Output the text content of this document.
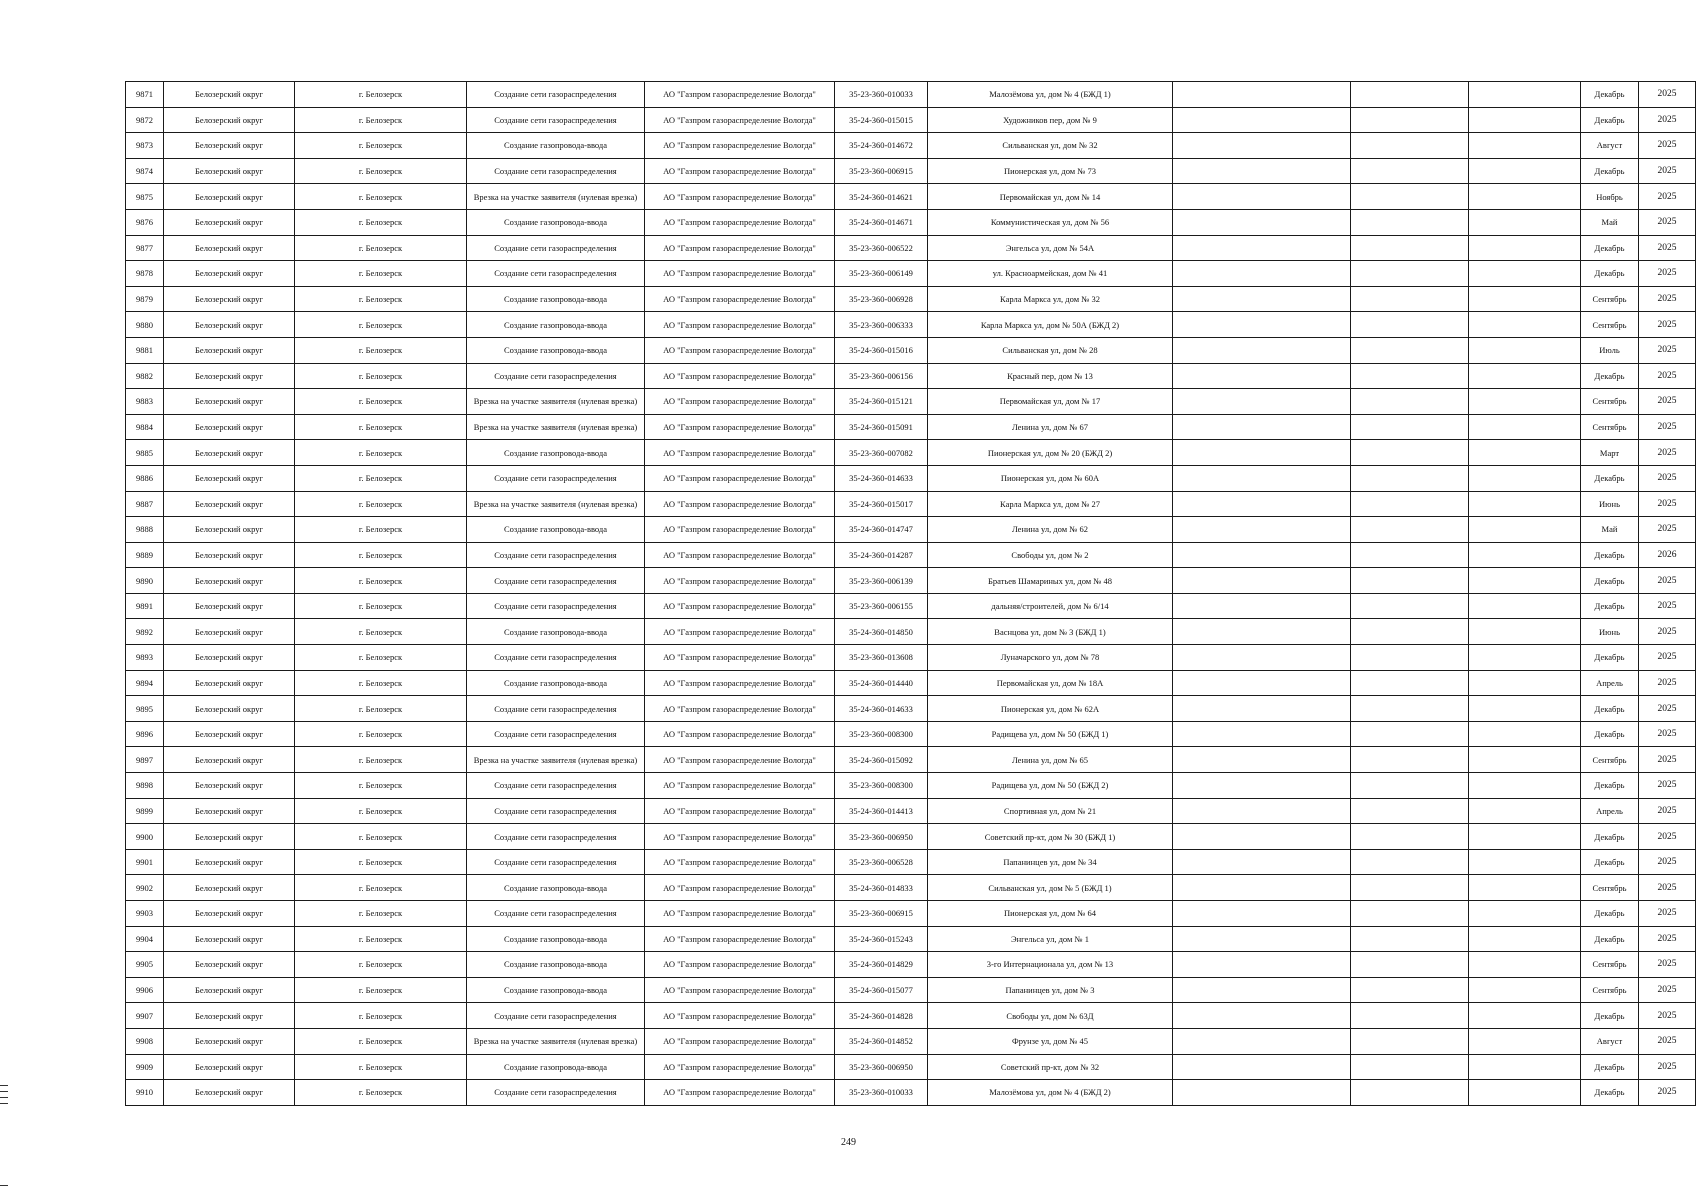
9871	Белозерский округ	г. Белозерск	Создание сети газораспределения	АО "Газпром газораспределение Вологда"	35-23-360-010033	Малозёмова ул, дом № 4 (БЖД 1)				Декабрь	2025
9872	Белозерский округ	г. Белозерск	Создание сети газораспределения	АО "Газпром газораспределение Вологда"	35-24-360-015015	Художников пер, дом № 9				Декабрь	2025
9873	Белозерский округ	г. Белозерск	Создание газопровода-ввода	АО "Газпром газораспределение Вологда"	35-24-360-014672	Сильванская ул, дом № 32				Август	2025
9874	Белозерский округ	г. Белозерск	Создание сети газораспределения	АО "Газпром газораспределение Вологда"	35-23-360-006915	Пионерская ул, дом № 73				Декабрь	2025
9875	Белозерский округ	г. Белозерск	Врезка на участке заявителя (нулевая врезка)	АО "Газпром газораспределение Вологда"	35-24-360-014621	Первомайская ул, дом № 14				Ноябрь	2025
9876	Белозерский округ	г. Белозерск	Создание газопровода-ввода	АО "Газпром газораспределение Вологда"	35-24-360-014671	Коммунистическая ул, дом № 56				Май	2025
9877	Белозерский округ	г. Белозерск	Создание сети газораспределения	АО "Газпром газораспределение Вологда"	35-23-360-006522	Энгельса ул, дом № 54А				Декабрь	2025
9878	Белозерский округ	г. Белозерск	Создание сети газораспределения	АО "Газпром газораспределение Вологда"	35-23-360-006149	ул. Красноармейская, дом № 41				Декабрь	2025
9879	Белозерский округ	г. Белозерск	Создание газопровода-ввода	АО "Газпром газораспределение Вологда"	35-23-360-006928	Карла Маркса ул, дом № 32				Сентябрь	2025
9880	Белозерский округ	г. Белозерск	Создание газопровода-ввода	АО "Газпром газораспределение Вологда"	35-23-360-006333	Карла Маркса ул, дом № 50А (БЖД 2)				Сентябрь	2025
9881	Белозерский округ	г. Белозерск	Создание газопровода-ввода	АО "Газпром газораспределение Вологда"	35-24-360-015016	Сильванская ул, дом № 28				Июль	2025
9882	Белозерский округ	г. Белозерск	Создание сети газораспределения	АО "Газпром газораспределение Вологда"	35-23-360-006156	Красный пер, дом № 13				Декабрь	2025
9883	Белозерский округ	г. Белозерск	Врезка на участке заявителя (нулевая врезка)	АО "Газпром газораспределение Вологда"	35-24-360-015121	Первомайская ул, дом № 17				Сентябрь	2025
9884	Белозерский округ	г. Белозерск	Врезка на участке заявителя (нулевая врезка)	АО "Газпром газораспределение Вологда"	35-24-360-015091	Ленина ул, дом № 67				Сентябрь	2025
9885	Белозерский округ	г. Белозерск	Создание газопровода-ввода	АО "Газпром газораспределение Вологда"	35-23-360-007082	Пионерская ул, дом № 20 (БЖД 2)				Март	2025
9886	Белозерский округ	г. Белозерск	Создание сети газораспределения	АО "Газпром газораспределение Вологда"	35-24-360-014633	Пионерская ул, дом № 60А				Декабрь	2025
9887	Белозерский округ	г. Белозерск	Врезка на участке заявителя (нулевая врезка)	АО "Газпром газораспределение Вологда"	35-24-360-015017	Карла Маркса ул, дом № 27				Июнь	2025
9888	Белозерский округ	г. Белозерск	Создание газопровода-ввода	АО "Газпром газораспределение Вологда"	35-24-360-014747	Ленина ул, дом № 62				Май	2025
9889	Белозерский округ	г. Белозерск	Создание сети газораспределения	АО "Газпром газораспределение Вологда"	35-24-360-014287	Свободы ул, дом № 2				Декабрь	2026
9890	Белозерский округ	г. Белозерск	Создание сети газораспределения	АО "Газпром газораспределение Вологда"	35-23-360-006139	Братьев Шамариных ул, дом № 48				Декабрь	2025
9891	Белозерский округ	г. Белозерск	Создание сети газораспределения	АО "Газпром газораспределение Вологда"	35-23-360-006155	дальняя/строителей, дом № 6/14				Декабрь	2025
9892	Белозерский округ	г. Белозерск	Создание газопровода-ввода	АО "Газпром газораспределение Вологда"	35-24-360-014850	Васнцова ул, дом № 3 (БЖД 1)				Июнь	2025
9893	Белозерский округ	г. Белозерск	Создание сети газораспределения	АО "Газпром газораспределение Вологда"	35-23-360-013608	Луначарского ул, дом № 78				Декабрь	2025
9894	Белозерский округ	г. Белозерск	Создание газопровода-ввода	АО "Газпром газораспределение Вологда"	35-24-360-014440	Первомайская ул, дом № 18А				Апрель	2025
9895	Белозерский округ	г. Белозерск	Создание сети газораспределения	АО "Газпром газораспределение Вологда"	35-24-360-014633	Пионерская ул, дом № 62А				Декабрь	2025
9896	Белозерский округ	г. Белозерск	Создание сети газораспределения	АО "Газпром газораспределение Вологда"	35-23-360-008300	Радищева ул, дом № 50 (БЖД 1)				Декабрь	2025
9897	Белозерский округ	г. Белозерск	Врезка на участке заявителя (нулевая врезка)	АО "Газпром газораспределение Вологда"	35-24-360-015092	Ленина ул, дом № 65				Сентябрь	2025
9898	Белозерский округ	г. Белозерск	Создание сети газораспределения	АО "Газпром газораспределение Вологда"	35-23-360-008300	Радищева ул, дом № 50 (БЖД 2)				Декабрь	2025
9899	Белозерский округ	г. Белозерск	Создание сети газораспределения	АО "Газпром газораспределение Вологда"	35-24-360-014413	Спортивная ул, дом № 21				Апрель	2025
9900	Белозерский округ	г. Белозерск	Создание сети газораспределения	АО "Газпром газораспределение Вологда"	35-23-360-006950	Советский пр-кт, дом № 30 (БЖД 1)				Декабрь	2025
9901	Белозерский округ	г. Белозерск	Создание сети газораспределения	АО "Газпром газораспределение Вологда"	35-23-360-006528	Папанинцев ул, дом № 34				Декабрь	2025
9902	Белозерский округ	г. Белозерск	Создание газопровода-ввода	АО "Газпром газораспределение Вологда"	35-24-360-014833	Сильванская ул, дом № 5 (БЖД 1)				Сентябрь	2025
9903	Белозерский округ	г. Белозерск	Создание сети газораспределения	АО "Газпром газораспределение Вологда"	35-23-360-006915	Пионерская ул, дом № 64				Декабрь	2025
9904	Белозерский округ	г. Белозерск	Создание газопровода-ввода	АО "Газпром газораспределение Вологда"	35-24-360-015243	Энгельса ул, дом № 1				Декабрь	2025
9905	Белозерский округ	г. Белозерск	Создание газопровода-ввода	АО "Газпром газораспределение Вологда"	35-24-360-014829	3-го Интернационала ул, дом № 13				Сентябрь	2025
9906	Белозерский округ	г. Белозерск	Создание газопровода-ввода	АО "Газпром газораспределение Вологда"	35-24-360-015077	Папанинцев ул, дом № 3				Сентябрь	2025
9907	Белозерский округ	г. Белозерск	Создание сети газораспределения	АО "Газпром газораспределение Вологда"	35-24-360-014828	Свободы ул, дом № 63Д				Декабрь	2025
9908	Белозерский округ	г. Белозерск	Врезка на участке заявителя (нулевая врезка)	АО "Газпром газораспределение Вологда"	35-24-360-014852	Фрунзе ул, дом № 45				Август	2025
9909	Белозерский округ	г. Белозерск	Создание газопровода-ввода	АО "Газпром газораспределение Вологда"	35-23-360-006950	Советский пр-кт, дом № 32				Декабрь	2025
9910	Белозерский округ	г. Белозерск	Создание сети газораспределения	АО "Газпром газораспределение Вологда"	35-23-360-010033	Малозёмова ул, дом № 4 (БЖД 2)				Декабрь	2025
249
